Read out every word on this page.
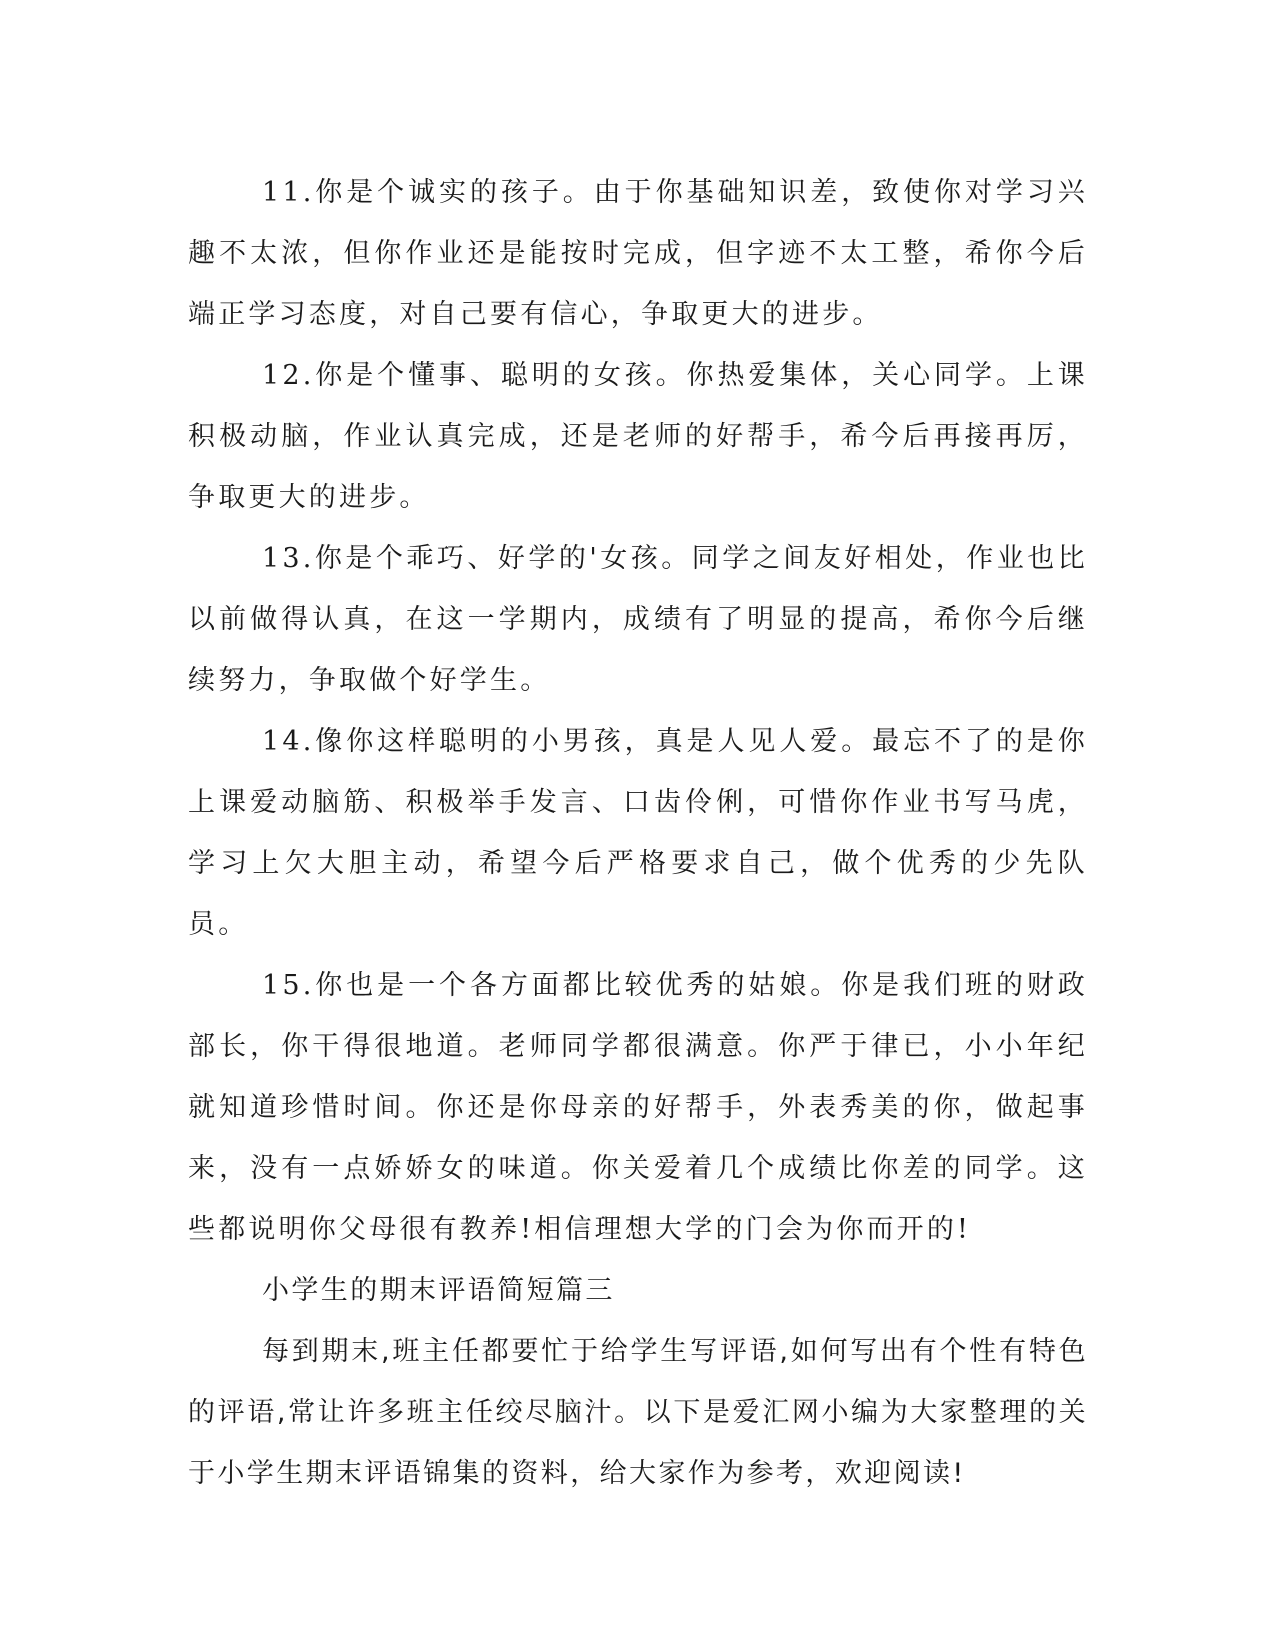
11.你是个诚实的孩子。由于你基础知识差，致使你对学习兴趣不太浓，但你作业还是能按时完成，但字迹不太工整，希你今后端正学习态度，对自己要有信心，争取更大的进步。

12.你是个懂事、聪明的女孩。你热爱集体，关心同学。上课积极动脑，作业认真完成，还是老师的好帮手，希今后再接再厉，争取更大的进步。

13.你是个乖巧、好学的'女孩。同学之间友好相处，作业也比以前做得认真，在这一学期内，成绩有了明显的提高，希你今后继续努力，争取做个好学生。

14.像你这样聪明的小男孩，真是人见人爱。最忘不了的是你上课爱动脑筋、积极举手发言、口齿伶俐，可惜你作业书写马虎，学习上欠大胆主动，希望今后严格要求自己，做个优秀的少先队员。

15.你也是一个各方面都比较优秀的姑娘。你是我们班的财政部长，你干得很地道。老师同学都很满意。你严于律已，小小年纪就知道珍惜时间。你还是你母亲的好帮手，外表秀美的你，做起事来，没有一点娇娇女的味道。你关爱着几个成绩比你差的同学。这些都说明你父母很有教养!相信理想大学的门会为你而开的!

小学生的期末评语简短篇三

每到期末,班主任都要忙于给学生写评语,如何写出有个性有特色的评语,常让许多班主任绞尽脑汁。以下是爱汇网小编为大家整理的关于小学生期末评语锦集的资料，给大家作为参考，欢迎阅读!
